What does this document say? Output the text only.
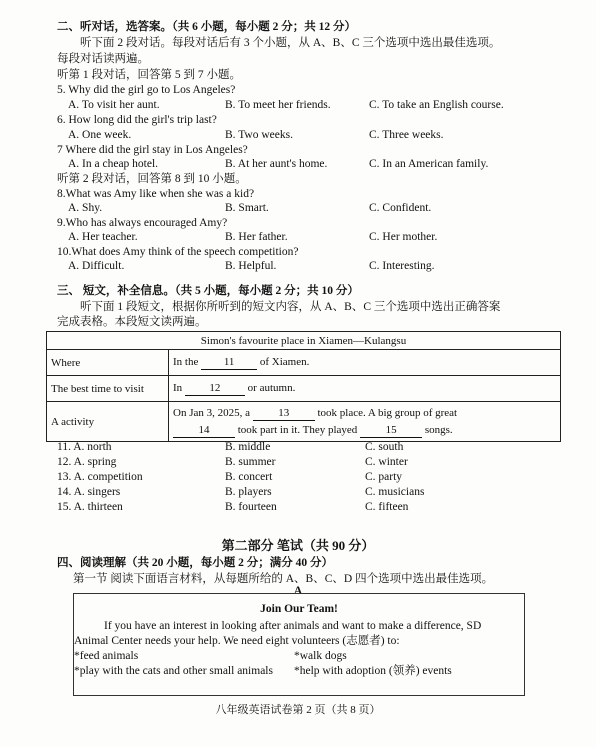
二、听对话，选答案。（共 6 小题，每小题 2 分；共 12 分）
听下面 2 段对话。每段对话后有 3 个小题，从 A、B、C 三个选项中选出最佳选项。
每段对话读两遍。
听第 1 段对话，回答第 5 到 7 小题。
5. Why did the girl go to Los Angeles?
A. To visit her aunt.	B. To meet her friends.	C. To take an English course.
6. How long did the girl's trip last?
A. One week.	B. Two weeks.	C. Three weeks.
7 Where did the girl stay in Los Angeles?
A. In a cheap hotel.	B. At her aunt's home.	C. In an American family.
听第 2 段对话，回答第 8 到 10 小题。
8.What was Amy like when she was a kid?
A. Shy.	B. Smart.	C. Confident.
9.Who has always encouraged Amy?
A. Her teacher.	B. Her father.	C. Her mother.
10.What does Amy think of the speech competition?
A. Difficult.	B. Helpful.	C. Interesting.
三、 短文，补全信息。（共 5 小题，每小题 2 分；共 10 分）
听下面 1 段短文，根据你所听到的短文内容，从 A、B、C 三个选项中选出正确答案
完成表格。本段短文读两遍。
Simon's favourite place in Xiamen—Kulangsu	
Where	In the 11 of Xiamen.
The best time to visit	In 12 or autumn.
A activity	On Jan 3, 2025, a 13 took place. A big group of great
14 took part in it. They played 15 songs.
11. A. north	B. middle	C. south
12. A. spring	B. summer	C. winter
13. A. competition	B. concert	C. party
14. A. singers	B. players	C. musicians
15. A. thirteen	B. fourteen	C. fifteen
第二部分 笔试（共 90 分）
四、阅读理解（共 20 小题，每小题 2 分；满分 40 分）
第一节 阅读下面语言材料，从每题所给的 A、B、C、D 四个选项中选出最佳选项。
A
Join Our Team!
If you have an interest in looking after animals and want to make a difference, SD
Animal Center needs your help. We need eight volunteers (志愿者) to:
*feed animals	*walk dogs
*play with the cats and other small animals *help with adoption (领养) events
八年级英语试卷第 2 页（共 8 页）
